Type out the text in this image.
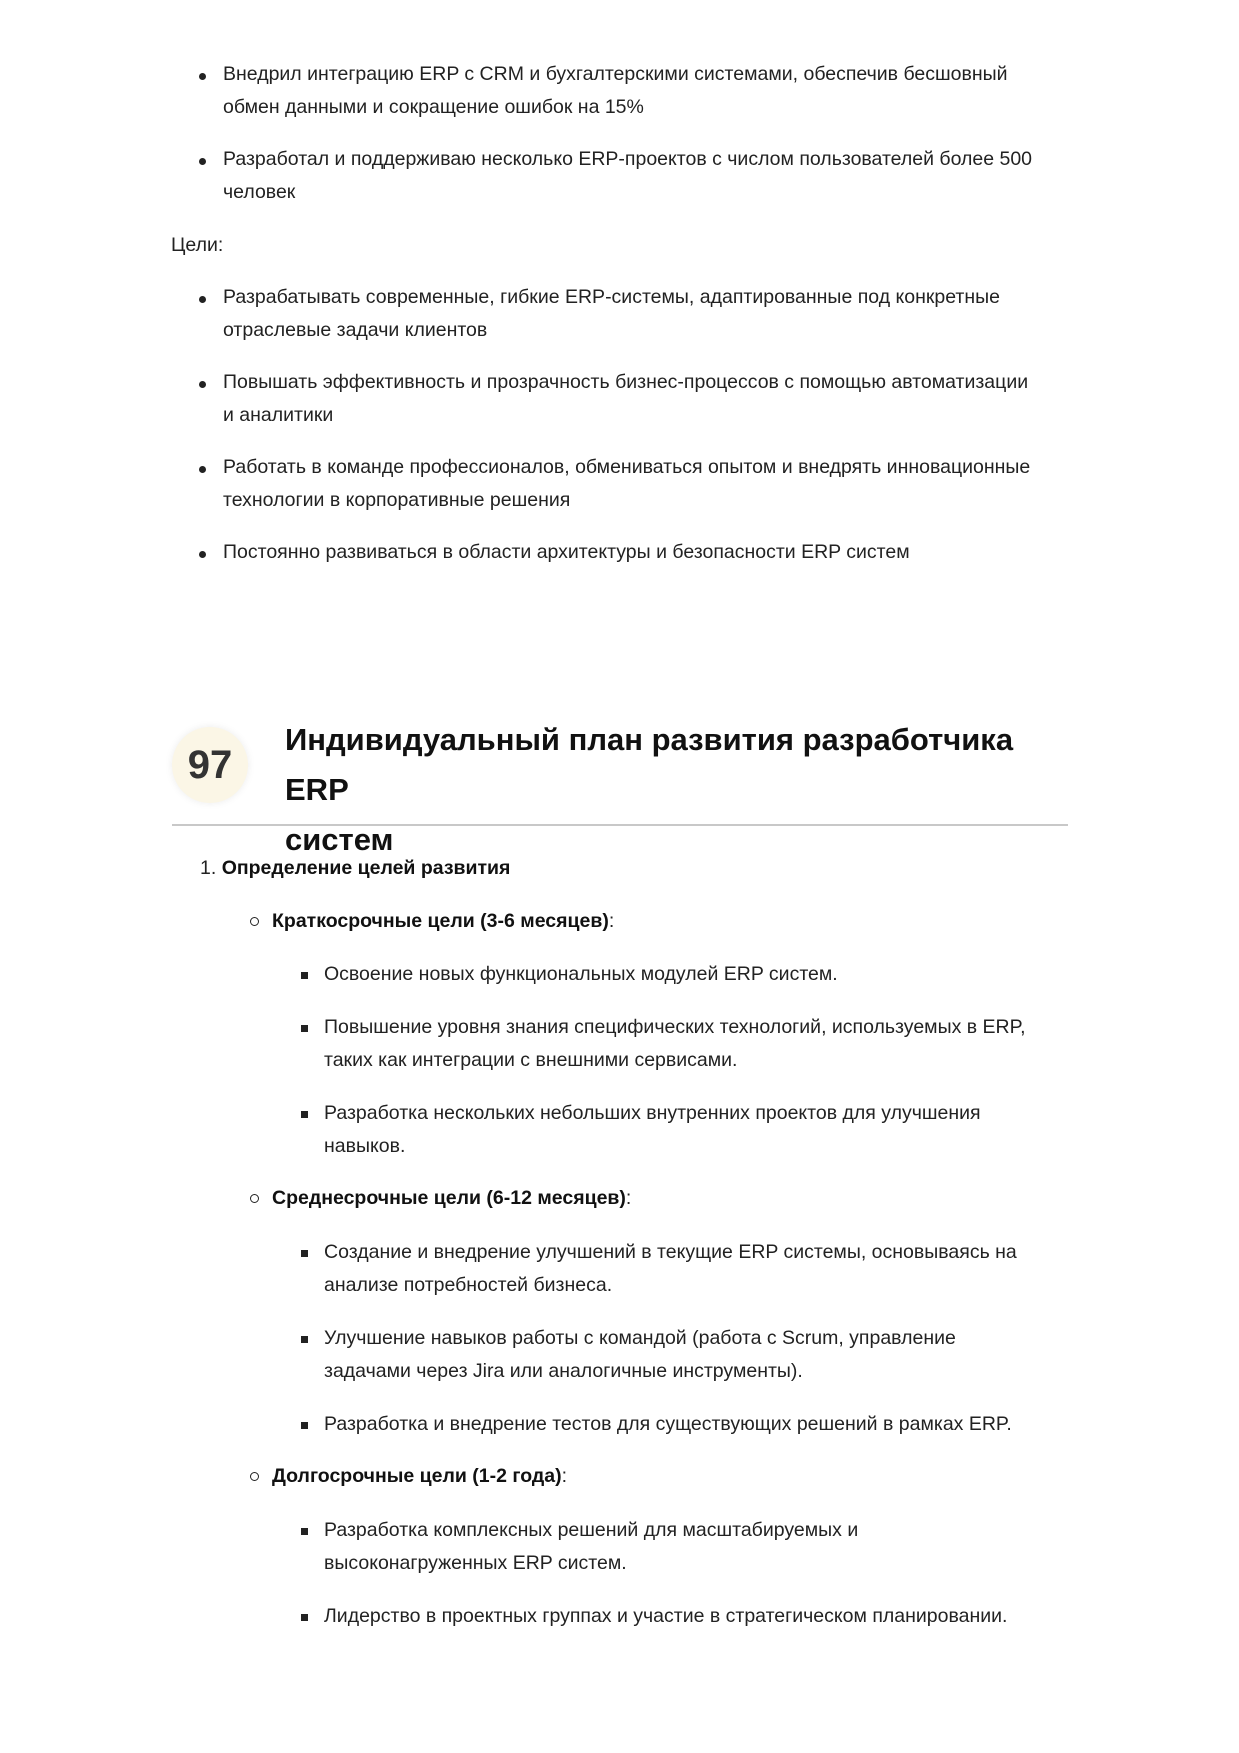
Внедрил интеграцию ERP с CRM и бухгалтерскими системами, обеспечив бесшовный
обмен данными и сокращение ошибок на 15%
Разработал и поддерживаю несколько ERP-проектов с числом пользователей более 500
человек
Цели:
Разрабатывать современные, гибкие ERP-системы, адаптированные под конкретные
отраслевые задачи клиентов
Повышать эффективность и прозрачность бизнес-процессов с помощью автоматизации
и аналитики
Работать в команде профессионалов, обмениваться опытом и внедрять инновационные
технологии в корпоративные решения
Постоянно развиваться в области архитектуры и безопасности ERP систем
97
Индивидуальный план развития разработчика ERP
систем
1. Определение целей развития
Краткосрочные цели (3-6 месяцев):
Освоение новых функциональных модулей ERP систем.
Повышение уровня знания специфических технологий, используемых в ERP,
таких как интеграции с внешними сервисами.
Разработка нескольких небольших внутренних проектов для улучшения
навыков.
Среднесрочные цели (6-12 месяцев):
Создание и внедрение улучшений в текущие ERP системы, основываясь на
анализе потребностей бизнеса.
Улучшение навыков работы с командой (работа с Scrum, управление
задачами через Jira или аналогичные инструменты).
Разработка и внедрение тестов для существующих решений в рамках ERP.
Долгосрочные цели (1-2 года):
Разработка комплексных решений для масштабируемых и
высоконагруженных ERP систем.
Лидерство в проектных группах и участие в стратегическом планировании.
